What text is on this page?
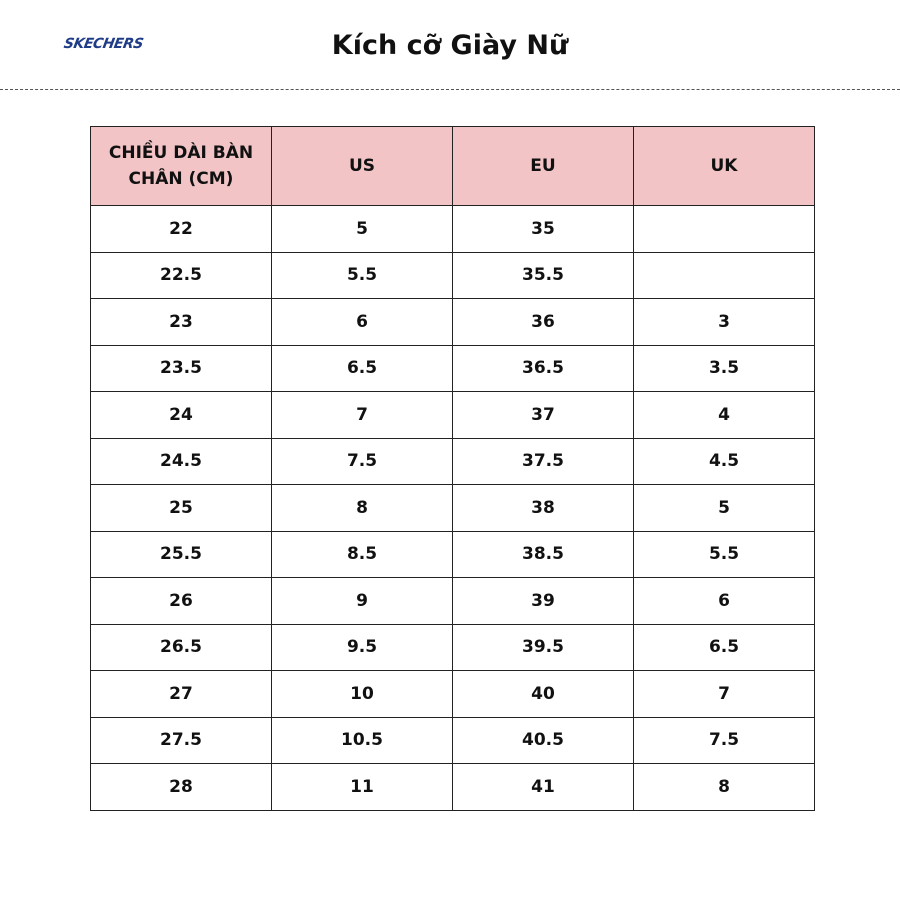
SKECHERS	Kích cỡ Giày Nữ
CHIỀU DÀI BÀN CHÂN (CM)	US	EU	UK
22	5	35	
22.5	5.5	35.5	
23	6	36	3
23.5	6.5	36.5	3.5
24	7	37	4
24.5	7.5	37.5	4.5
25	8	38	5
25.5	8.5	38.5	5.5
26	9	39	6
26.5	9.5	39.5	6.5
27	10	40	7
27.5	10.5	40.5	7.5
28	11	41	8
